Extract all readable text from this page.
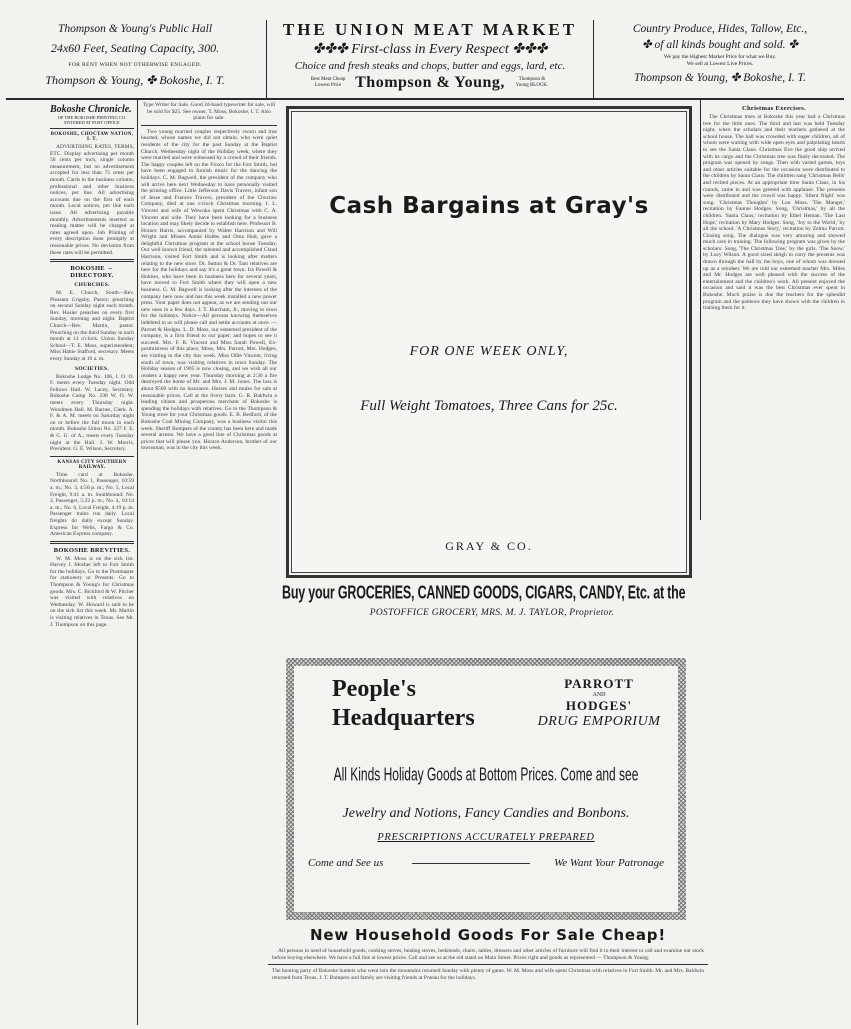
Thompson & Young's Public Hall
24x60 Feet, Seating Capacity, 300.
FOR RENT WHEN NOT OTHERWISE ENGAGED.
Thompson & Young, ✤ Bokoshe, I. T.
THE UNION MEAT MARKET
✤✤✤ First-class in Every Respect ✤✤✤
Choice and fresh steaks and chops, butter and eggs, lard, etc.
Best Meat Cheap Lowest Price Thompson & Young,	Thompson & Young BLOCK.
Country Produce, Hides, Tallow, Etc.,
✤ of all kinds bought and sold. ✤
We pay the Highest Market Price for what we Buy.
We sell at Lowest Live Prices.
Thompson & Young, ✤ Bokoshe, I. T.
Bokoshe Chronicle.
OF THE BOKOSHE PRINTING CO.
ENTERED AT POST OFFICE
BOKOSHE, CHOCTAW NATION, I. T.

ADVERTISING RATES, TERMS, ETC. Display advertising per month 50 cents per inch, single column measurement, but no advertisement accepted for less than 75 cents per month. Cards in the business column, professional and other business notices, per line. All advertising accounts due on the first of each month. Local notices, per line each issue. All advertising payable monthly. Advertisements inserted as reading matter will be charged at rates agreed upon. Job Printing of every description done promptly at reasonable prices. No deviation from these rates will be permitted.

BOKOSHE ⇔ DIRECTORY.
CHURCHES.

M. E. Church, South—Rev. Pleasant Grigsby, Pastor; preaching on second Sunday night each month. Rev. Hosier preaches on every first Sunday, morning and night. Baptist Church—Rev. Martin, pastor. Preaching on the third Sunday in each month at 11 o'clock. Union Sunday School—T. E. Moss, superintendent; Miss Hattie Stafford, secretary. Meets every Sunday at 10 a. m.

SOCIETIES.

Bokoshe Lodge No. 106, I. O. O. F. meets every Tuesday night. Odd Fellows Hall. W. Lacey, Secretary. Bokoshe Camp No. 238 W. O. W. meets every Thursday night. Woodmen Hall. M. Barnes, Clerk. A. F. & A. M. meets on Saturday night on or before the full moon in each month. Bokoshe Union No. 227 F. E. & C. U. of A., meets every Tuesday night at the Hall. J. W. Morris, President. G. E. Wilson, Secretary.

KANSAS CITY SOUTHERN RAILWAY.

Time card at Bokoshe. Northbound: No. 1, Passenger, 10:59 a. m.; No. 3, 4:50 p. m.; No. 5, Local Freight, 9:41 a. m. Southbound: No. 2, Passenger, 5:22 p. m.; No. 4, 10:14 a. m.; No. 6, Local Freight, 4:19 p. m. Passenger trains run daily. Local freights do daily except Sunday. Express for Wells, Fargo & Co. American Express company.

BOKOSHE BREVITIES.

W. M. Moss is on the sick list. Harvey J. Mosher left to Fort Smith for the holidays. Go to the Postmaster for stationery or Presents. Go to Thompson & Young's for Christmas goods. Mrs. C. Bickford & W. Pitcher was visited with relatives on Wednesday. W. Howard is said to be on the sick list this week. Mr. Martin is visiting relatives in Texas. See Mr. J. Thompson on this page.

Type Writer for Sale. Good 2d-hand typewriter for sale, will be sold for $25. See owner, T. Moss, Bokoshe, I. T. Also piano for sale.

Two young married couples respectively sworn and true hearted, whose names we did not obtain, who were quiet residents of the city for the past Sunday at the Baptist Church. Wednesday night of the Holiday week, where they were married and were witnessed by a crowd of their friends. The happy couples left on the Frisco for the Fort Smith, but have been engaged to furnish music for the dancing the holidays. C. M. Bagwell, the president of the company who will arrive here next Wednesday to have personally visited the printing office. Little Jefferson Davis Travers, infant son of Jesse and Frances Travers, president of the Choctaw Company, died at one o'clock Christmas morning. I. L. Vincent and wife of Wewoka spent Christmas with C. A. Vincent and wife. They have been looking for a business location and may likely decide to establish here. Professor B. Horace Harris, accompanied by Walter Harrison and Will Wright and Misses Annie Hobbs and Oma Holt, gave a delightful Christmas program at the school house Tuesday. Our well known friend, the talented and accomplished Claud Harrison, visited Fort Smith and is looking after matters relating to the new store. Dr. Sutton & Dr. Tant relatives are here for the holidays and say it's a great town. Ira Powell & Holmes, who have been in business here for several years, have moved to Fort Smith where they will open a new business. G. M. Bagwell is looking after the interests of the company here now and has this week installed a new power press. Your paper does not appear, as we are sending out our new ones in a few days. J. T. Burcham, Jr., moving to town for the holidays. Notice—All persons knowing themselves indebted to us will please call and settle accounts at once. — Parrott & Hodges. L. D. Moss, our esteemed president of the company, is a firm friend to our paper, and hopes to see it succeed. Mrs. F. B. Vincent and Miss Sarah Powell, Ex-postmistress of this place, Moss, Mrs. Parrott, Mrs. Hodges, are visiting in the city this week. Miss Ollie Vincent, living south of town, was visiting relatives in town Sunday. The Holiday season of 1905 is now closing, and we wish all our readers a happy new year. Thursday morning at 2:30 a fire destroyed the home of Mr. and Mrs. J. M. Jones. The loss is about $500 with no insurance. Horses and mules for sale at reasonable prices. Call at the livery barn. G. R. Baldwin a leading citizen and prosperous merchant of Bokoshe is spending the holidays with relatives. Go to the Thompson & Young store for your Christmas goods. E. B. Bedford, of the Bokoshe Coal Mining Company, was a business visitor this week. Sheriff Bumpers of the county has been here and made several arrests. We have a good line of Christmas goods at prices that will please you. Horace Anderson, brother of our townsman, was in the city this week.

Cash Bargains at Gray's
FOR ONE WEEK ONLY,
Full Weight Tomatoes, Three Cans for 25c.
GRAY & CO.
Buy your GROCERIES, CANNED GOODS, CIGARS, CANDY, Etc. at the
POSTOFFICE GROCERY, MRS. M. J. TAYLOR, Proprietor.
People's
Headquarters
PARROTT
AND
HODGES'
DRUG EMPORIUM
All Kinds Holiday Goods at Bottom Prices. Come and see
Jewelry and Notions, Fancy Candies and Bonbons.
PRESCRIPTIONS ACCURATELY PREPARED
Come and See us	We Want Your Patronage
New Household Goods For Sale Cheap!

All persons in need of household goods, cooking stoves, heating stoves, bedsteads, chairs, tables, dressers and other articles of furniture will find it to their interest to call and examine our stock before buying elsewhere. We have a full line at lowest prices. Call and see us at the old stand on Main Street. Prices right and goods as represented — Thompson & Young.

The hunting party of Bokoshe hunters who went into the mountains returned Sunday with plenty of game. W. M. Moss and wife spent Christmas with relatives in Fort Smith. Mr. and Mrs. Baldwin returned from Texas. J. T. Bumpers and family are visiting friends at Poteau for the holidays.

Christmas Exercises.

The Christmas trees at Bokoshe this year had a Christmas tree for the little ones. The third and last was held Tuesday night, when the scholars and their teachers gathered at the school house. The hall was crowded with eager children, all of whom were waiting with wide open eyes and palpitating hearts to see the Santa Claus. Christmas Eve the good ship arrived with its cargo and the Christmas tree was finely decorated. The program was opened by songs. Then with varied games, toys and other articles suitable for the occasion were distributed to the children by Santa Claus. The children sang 'Christmas Bells' and recited pieces. At an appropriate time Santa Claus, in his rounds, came in and was greeted with applause. The presents were distributed and the crowd was happy. 'Silent Night' was sung. 'Christmas Thoughts' by Lou Moss. 'The Manger,' recitation by Fannie Hodges. Song, 'Christmas,' by all the children. 'Santa Claus,' recitation by Ethel Heman. 'The Last Hope,' recitation by Mary Hodges. Song, 'Joy to the World,' by all the school. 'A Christmas Story,' recitation by Zelma Parrott. Closing song. The dialogue was very amusing and showed much care in training. The following program was given by the scholars: Song, 'The Christmas Tree,' by the girls. 'The Snow,' by Lucy Wilson. A good sized sleigh to carry the presents was drawn through the hall by the boys, one of whom was dressed up as a reindeer. We are told our esteemed teacher Mrs. Miles and Mr. Hodges are well pleased with the success of the entertainment and the children's work. All present enjoyed the occasion and said it was the best Christmas ever spent in Bokoshe. Much praise is due the teachers for the splendid program and the patience they have shown with the children in training them for it.
